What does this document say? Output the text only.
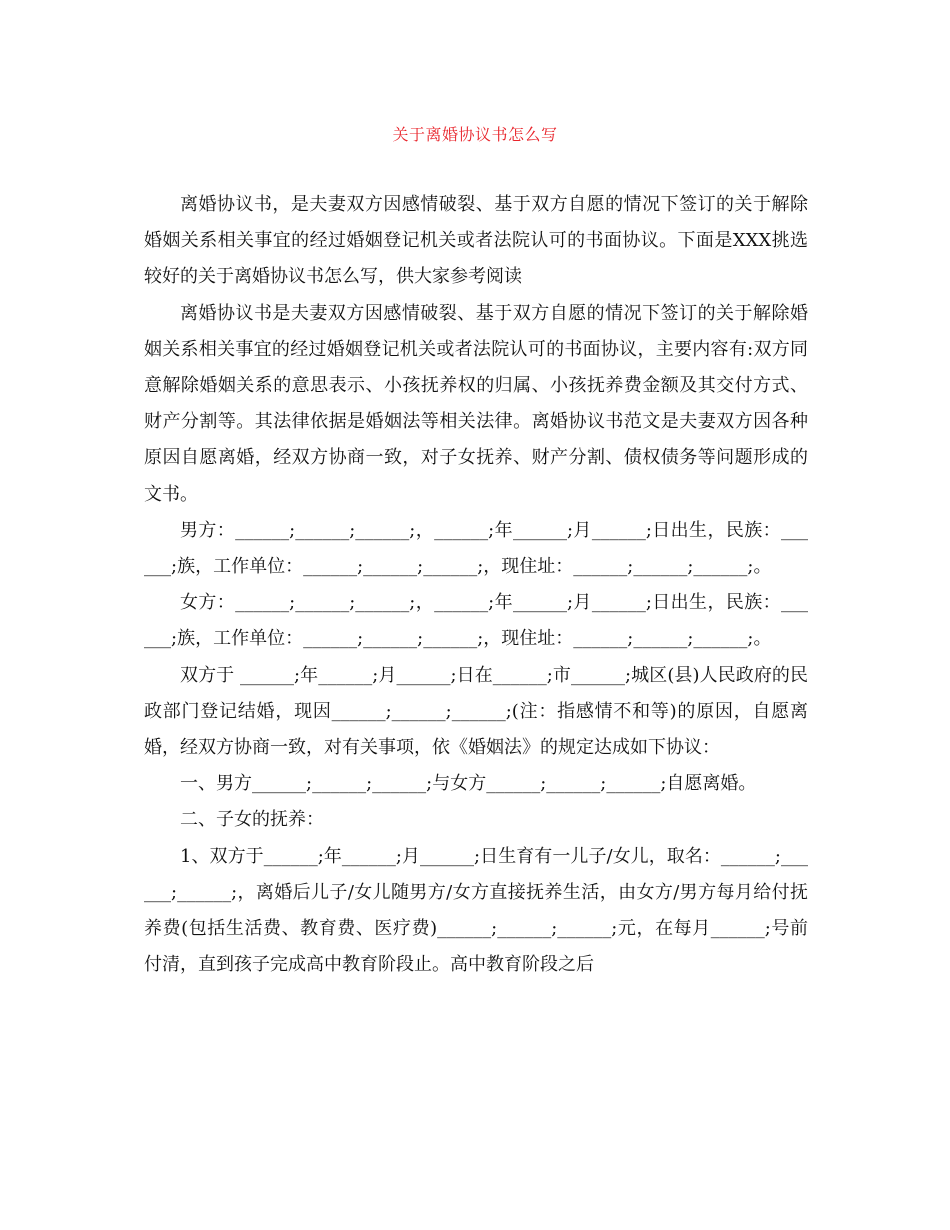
关于离婚协议书怎么写

离婚协议书，是夫妻双方因感情破裂、基于双方自愿的情况下签订的关于解除婚姻关系相关事宜的经过婚姻登记机关或者法院认可的书面协议。下面是XXX挑选较好的关于离婚协议书怎么写，供大家参考阅读

离婚协议书是夫妻双方因感情破裂、基于双方自愿的情况下签订的关于解除婚姻关系相关事宜的经过婚姻登记机关或者法院认可的书面协议，主要内容有:双方同意解除婚姻关系的意思表示、小孩抚养权的归属、小孩抚养费金额及其交付方式、财产分割等。其法律依据是婚姻法等相关法律。离婚协议书范文是夫妻双方因各种原因自愿离婚，经双方协商一致，对子女抚养、财产分割、债权债务等问题形成的文书。

男方：______;______;______;，______;年______;月______;日出生，民族：______;族，工作单位：______;______;______;，现住址：______;______;______;。

女方：______;______;______;，______;年______;月______;日出生，民族：______;族，工作单位：______;______;______;，现住址：______;______;______;。

双方于 ______;年______;月______;日在______;市______;城区(县)人民政府的民政部门登记结婚，现因______;______;______;(注：指感情不和等)的原因，自愿离婚，经双方协商一致，对有关事项，依《婚姻法》的规定达成如下协议：

一、男方______;______;______;与女方______;______;______;自愿离婚。

二、子女的抚养：

1、双方于______;年______;月______;日生育有一儿子/女儿，取名：______;______;______;，离婚后儿子/女儿随男方/女方直接抚养生活，由女方/男方每月给付抚养费(包括生活费、教育费、医疗费)______;______;______;元，在每月______;号前付清，直到孩子完成高中教育阶段止。高中教育阶段之后
